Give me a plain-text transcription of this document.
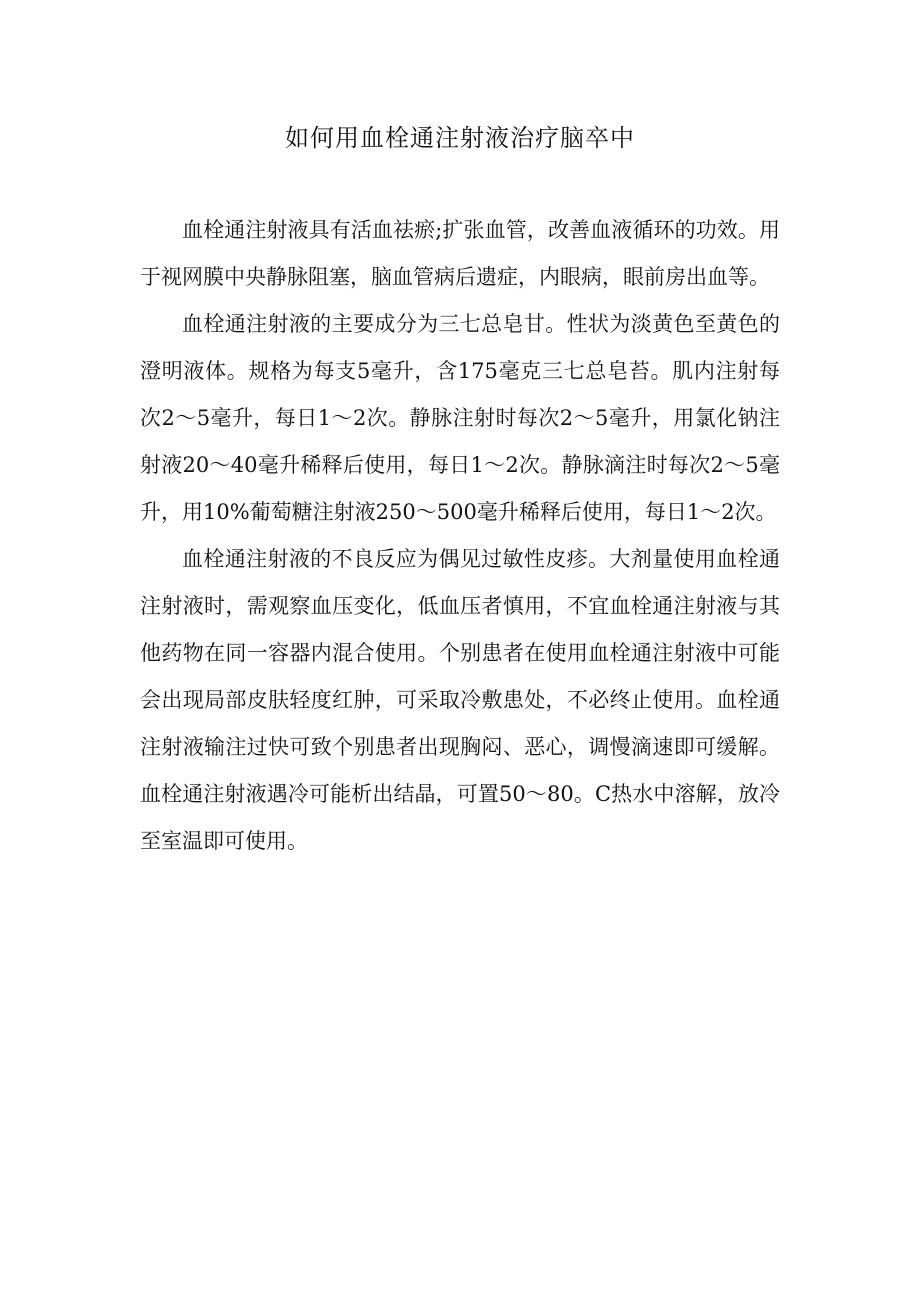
如何用血栓通注射液治疗脑卒中

血栓通注射液具有活血祛瘀;扩张血管，改善血液循环的功效。用于视网膜中央静脉阻塞，脑血管病后遗症，内眼病，眼前房出血等。

血栓通注射液的主要成分为三七总皂甘。性状为淡黄色至黄色的澄明液体。规格为每支5毫升，含175毫克三七总皂苔。肌内注射每次2～5毫升，每日1～2次。静脉注射时每次2～5毫升，用氯化钠注射液20～40毫升稀释后使用，每日1～2次。静脉滴注时每次2～5毫升，用10%葡萄糖注射液250～500毫升稀释后使用，每日1～2次。

血栓通注射液的不良反应为偶见过敏性皮疹。大剂量使用血栓通注射液时，需观察血压变化，低血压者慎用，不宜血栓通注射液与其他药物在同一容器内混合使用。个别患者在使用血栓通注射液中可能会出现局部皮肤轻度红肿，可采取冷敷患处，不必终止使用。血栓通注射液输注过快可致个别患者出现胸闷、恶心，调慢滴速即可缓解。血栓通注射液遇冷可能析出结晶，可置50～80。C热水中溶解，放冷至室温即可使用。
